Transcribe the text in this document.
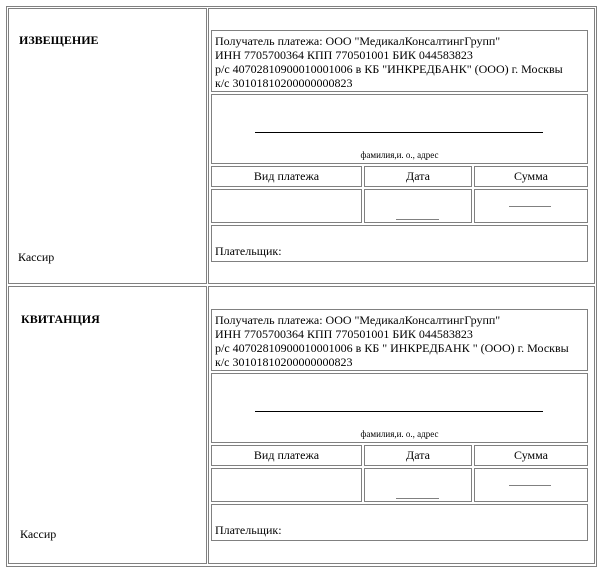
ИЗВЕЩЕНИЕ
Кассир
Получатель платежа: ООО "МедикалКонсалтингГрупп"
ИНН 7705700364 КПП 770501001 БИК 044583823
р/с 40702810900010001006 в КБ "ИНКРЕДБАНК" (ООО) г. Москвы
к/с 30101810200000000823
фамилия,и. о., адрес
Вид платежа	Дата	Сумма
Плательщик:
КВИТАНЦИЯ
Кассир
Получатель платежа: ООО "МедикалКонсалтингГрупп"
ИНН 7705700364 КПП 770501001 БИК 044583823
р/с 40702810900010001006 в КБ " ИНКРЕДБАНК " (ООО) г. Москвы
к/с 30101810200000000823
фамилия,и. о., адрес
Вид платежа	Дата	Сумма
Плательщик:
